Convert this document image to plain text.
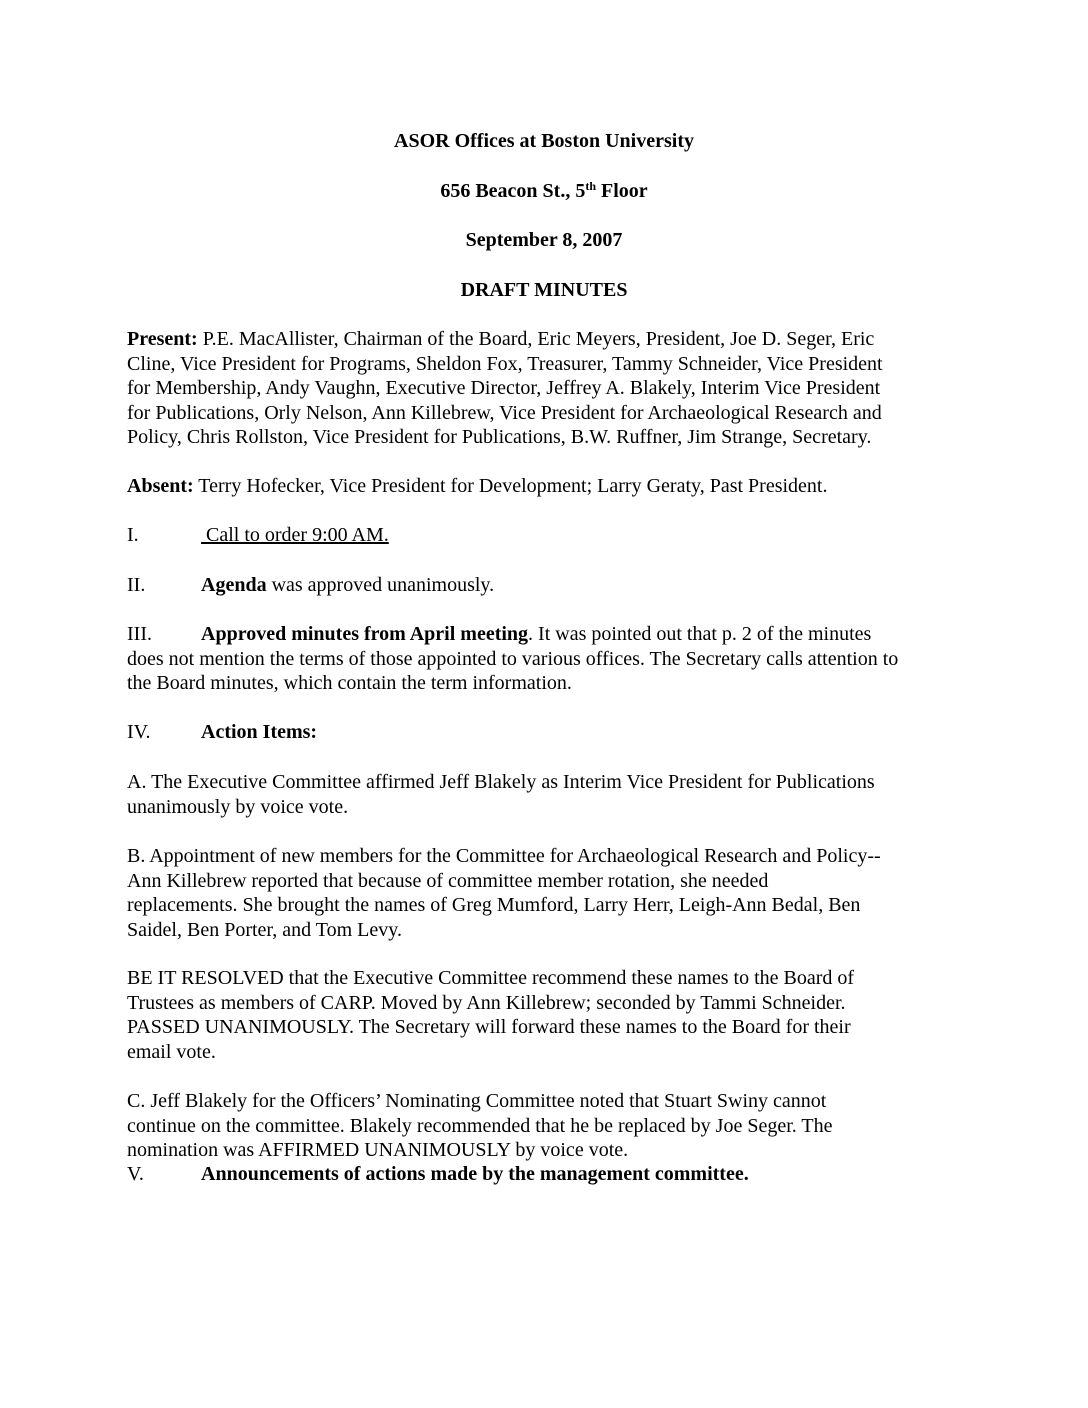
ASOR Offices at Boston University
656 Beacon St., 5th Floor
September 8, 2007
DRAFT MINUTES
Present: P.E. MacAllister, Chairman of the Board, Eric Meyers, President, Joe D. Seger, Eric
Cline, Vice President for Programs, Sheldon Fox, Treasurer, Tammy Schneider, Vice President
for Membership, Andy Vaughn, Executive Director, Jeffrey A. Blakely, Interim Vice President
for Publications, Orly Nelson, Ann Killebrew, Vice President for Archaeological Research and
Policy, Chris Rollston, Vice President for Publications, B.W. Ruffner, Jim Strange, Secretary.
Absent: Terry Hofecker, Vice President for Development; Larry Geraty, Past President.
I.	Call to order 9:00 AM.
II.	Agenda was approved unanimously.
III. Approved minutes from April meeting. It was pointed out that p. 2 of the minutes
does not mention the terms of those appointed to various offices. The Secretary calls attention to
the Board minutes, which contain the term information.
IV.	Action Items:
A. The Executive Committee affirmed Jeff Blakely as Interim Vice President for Publications
unanimously by voice vote.
B. Appointment of new members for the Committee for Archaeological Research and Policy--
Ann Killebrew reported that because of committee member rotation, she needed
replacements. She brought the names of Greg Mumford, Larry Herr, Leigh-Ann Bedal, Ben
Saidel, Ben Porter, and Tom Levy.
BE IT RESOLVED that the Executive Committee recommend these names to the Board of
Trustees as members of CARP. Moved by Ann Killebrew; seconded by Tammi Schneider.
PASSED UNANIMOUSLY. The Secretary will forward these names to the Board for their
email vote.
C. Jeff Blakely for the Officers’ Nominating Committee noted that Stuart Swiny cannot
continue on the committee. Blakely recommended that he be replaced by Joe Seger. The
nomination was AFFIRMED UNANIMOUSLY by voice vote.
V.	Announcements of actions made by the management committee.
